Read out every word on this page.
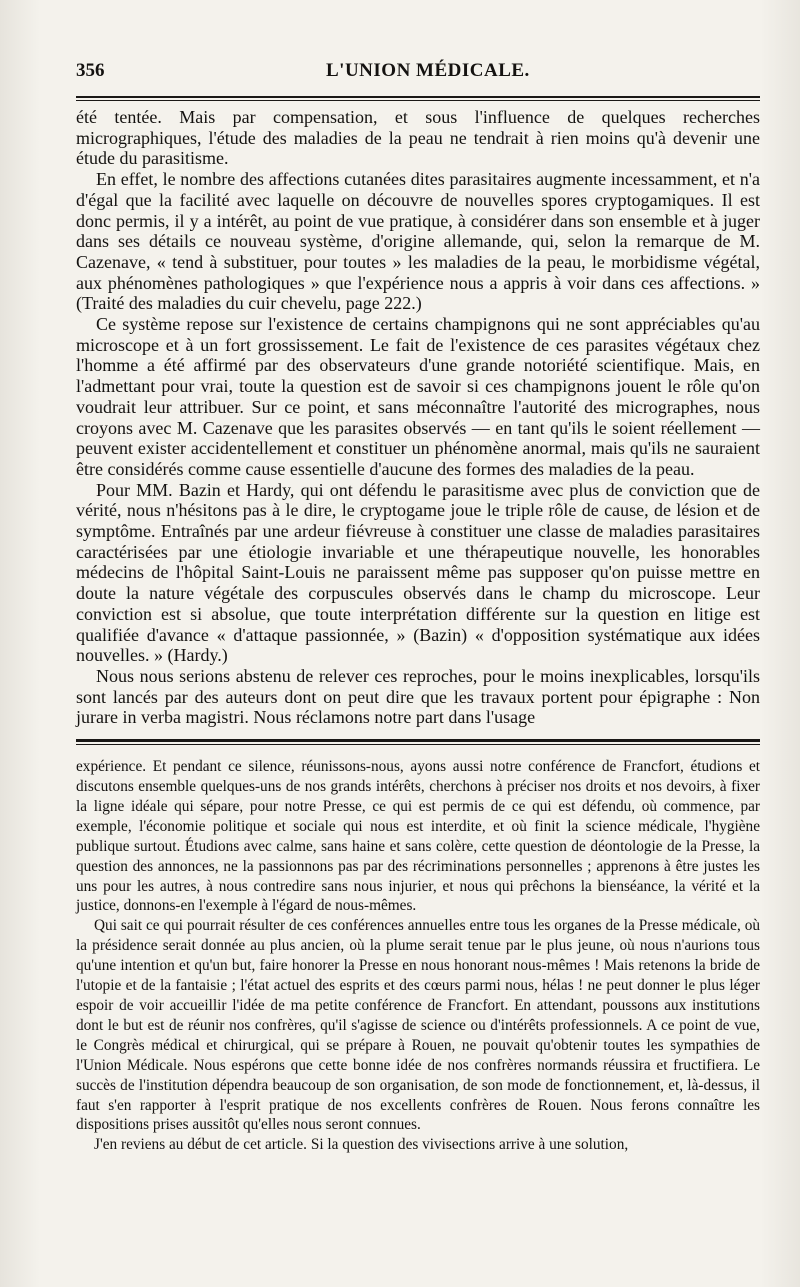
356	L'UNION MÉDICALE.

été tentée. Mais par compensation, et sous l'influence de quelques recherches micrographiques, l'étude des maladies de la peau ne tendrait à rien moins qu'à devenir une étude du parasitisme.

En effet, le nombre des affections cutanées dites parasitaires augmente incessamment, et n'a d'égal que la facilité avec laquelle on découvre de nouvelles spores cryptogamiques. Il est donc permis, il y a intérêt, au point de vue pratique, à considérer dans son ensemble et à juger dans ses détails ce nouveau système, d'origine allemande, qui, selon la remarque de M. Cazenave, « tend à substituer, pour toutes » les maladies de la peau, le morbidisme végétal, aux phénomènes pathologiques » que l'expérience nous a appris à voir dans ces affections. » (Traité des maladies du cuir chevelu, page 222.)

Ce système repose sur l'existence de certains champignons qui ne sont appréciables qu'au microscope et à un fort grossissement. Le fait de l'existence de ces parasites végétaux chez l'homme a été affirmé par des observateurs d'une grande notoriété scientifique. Mais, en l'admettant pour vrai, toute la question est de savoir si ces champignons jouent le rôle qu'on voudrait leur attribuer. Sur ce point, et sans méconnaître l'autorité des micrographes, nous croyons avec M. Cazenave que les parasites observés — en tant qu'ils le soient réellement — peuvent exister accidentellement et constituer un phénomène anormal, mais qu'ils ne sauraient être considérés comme cause essentielle d'aucune des formes des maladies de la peau.

Pour MM. Bazin et Hardy, qui ont défendu le parasitisme avec plus de conviction que de vérité, nous n'hésitons pas à le dire, le cryptogame joue le triple rôle de cause, de lésion et de symptôme. Entraînés par une ardeur fiévreuse à constituer une classe de maladies parasitaires caractérisées par une étiologie invariable et une thérapeutique nouvelle, les honorables médecins de l'hôpital Saint-Louis ne paraissent même pas supposer qu'on puisse mettre en doute la nature végétale des corpuscules observés dans le champ du microscope. Leur conviction est si absolue, que toute interprétation différente sur la question en litige est qualifiée d'avance « d'attaque passionnée, » (Bazin) « d'opposition systématique aux idées nouvelles. » (Hardy.)

Nous nous serions abstenu de relever ces reproches, pour le moins inexplicables, lorsqu'ils sont lancés par des auteurs dont on peut dire que les travaux portent pour épigraphe : Non jurare in verba magistri. Nous réclamons notre part dans l'usage

expérience. Et pendant ce silence, réunissons-nous, ayons aussi notre conférence de Francfort, étudions et discutons ensemble quelques-uns de nos grands intérêts, cherchons à préciser nos droits et nos devoirs, à fixer la ligne idéale qui sépare, pour notre Presse, ce qui est permis de ce qui est défendu, où commence, par exemple, l'économie politique et sociale qui nous est interdite, et où finit la science médicale, l'hygiène publique surtout. Étudions avec calme, sans haine et sans colère, cette question de déontologie de la Presse, la question des annonces, ne la passionnons pas par des récriminations personnelles ; apprenons à être justes les uns pour les autres, à nous contredire sans nous injurier, et nous qui prêchons la bienséance, la vérité et la justice, donnons-en l'exemple à l'égard de nous-mêmes.

Qui sait ce qui pourrait résulter de ces conférences annuelles entre tous les organes de la Presse médicale, où la présidence serait donnée au plus ancien, où la plume serait tenue par le plus jeune, où nous n'aurions tous qu'une intention et qu'un but, faire honorer la Presse en nous honorant nous-mêmes ! Mais retenons la bride de l'utopie et de la fantaisie ; l'état actuel des esprits et des cœurs parmi nous, hélas ! ne peut donner le plus léger espoir de voir accueillir l'idée de ma petite conférence de Francfort. En attendant, poussons aux institutions dont le but est de réunir nos confrères, qu'il s'agisse de science ou d'intérêts professionnels. A ce point de vue, le Congrès médical et chirurgical, qui se prépare à Rouen, ne pouvait qu'obtenir toutes les sympathies de l'Union Médicale. Nous espérons que cette bonne idée de nos confrères normands réussira et fructifiera. Le succès de l'institution dépendra beaucoup de son organisation, de son mode de fonctionnement, et, là-dessus, il faut s'en rapporter à l'esprit pratique de nos excellents confrères de Rouen. Nous ferons connaître les dispositions prises aussitôt qu'elles nous seront connues.

J'en reviens au début de cet article. Si la question des vivisections arrive à une solution,
